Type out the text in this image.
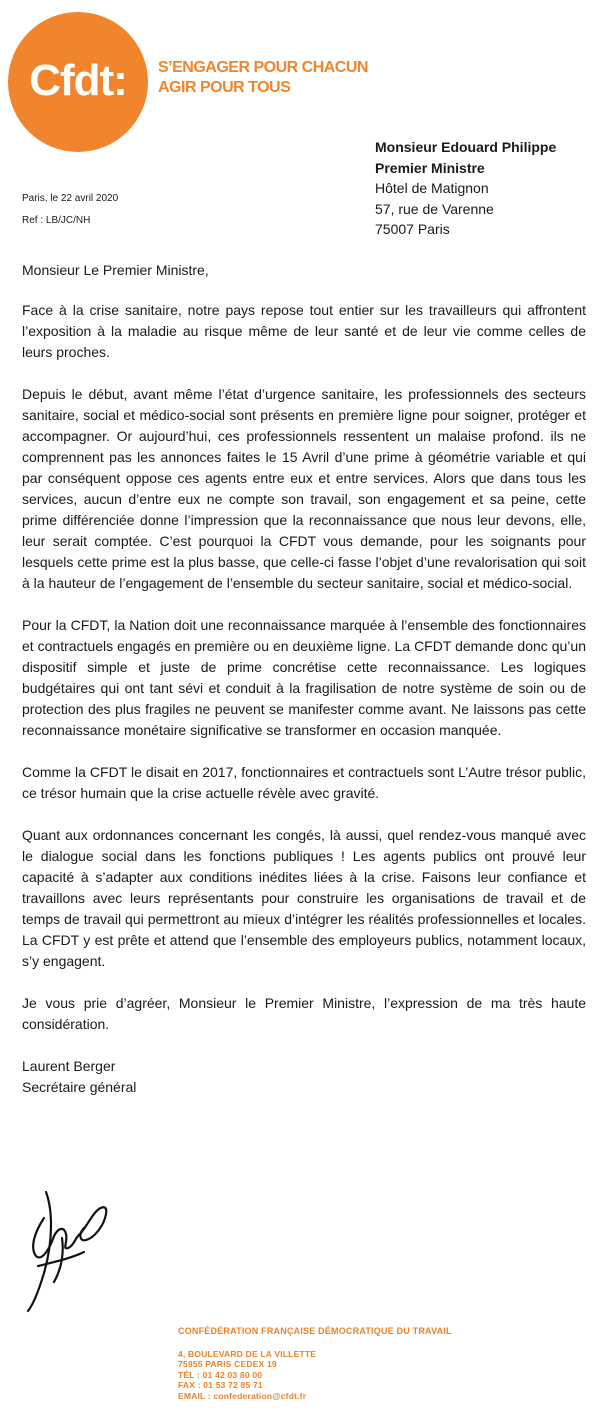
Cfdt:	S’ENGAGER POUR CHACUN
AGIR POUR TOUS
Monsieur Edouard Philippe
Premier Ministre
Hôtel de Matignon
57, rue de Varenne
75007 Paris
Paris, le 22 avril 2020
Ref : LB/JC/NH

Monsieur Le Premier Ministre,

Face à la crise sanitaire, notre pays repose tout entier sur les travailleurs qui affrontent l’exposition à la maladie au risque même de leur santé et de leur vie comme celles de leurs proches.

Depuis le début, avant même l’état d’urgence sanitaire, les professionnels des secteurs sanitaire, social et médico-social sont présents en première ligne pour soigner, protéger et accompagner. Or aujourd’hui, ces professionnels ressentent un malaise profond. ils ne comprennent pas les annonces faites le 15 Avril d’une prime à géométrie variable et qui par conséquent oppose ces agents entre eux et entre services. Alors que dans tous les services, aucun d’entre eux ne compte son travail, son engagement et sa peine, cette prime différenciée donne l’impression que la reconnaissance que nous leur devons, elle, leur serait comptée. C’est pourquoi la CFDT vous demande, pour les soignants pour lesquels cette prime est la plus basse, que celle-ci fasse l’objet d’une revalorisation qui soit à la hauteur de l’engagement de l’ensemble du secteur sanitaire, social et médico-social.

Pour la CFDT, la Nation doit une reconnaissance marquée à l’ensemble des fonctionnaires et contractuels engagés en première ou en deuxième ligne. La CFDT demande donc qu’un dispositif simple et juste de prime concrétise cette reconnaissance. Les logiques budgétaires qui ont tant sévi et conduit à la fragilisation de notre système de soin ou de protection des plus fragiles ne peuvent se manifester comme avant. Ne laissons pas cette reconnaissance monétaire significative se transformer en occasion manquée.

Comme la CFDT le disait en 2017, fonctionnaires et contractuels sont L’Autre trésor public, ce trésor humain que la crise actuelle révèle avec gravité.

Quant aux ordonnances concernant les congés, là aussi, quel rendez-vous manqué avec le dialogue social dans les fonctions publiques ! Les agents publics ont prouvé leur capacité à s’adapter aux conditions inédites liées à la crise. Faisons leur confiance et travaillons avec leurs représentants pour construire les organisations de travail et de temps de travail qui permettront au mieux d’intégrer les réalités professionnelles et locales. La CFDT y est prête et attend que l’ensemble des employeurs publics, notamment locaux, s’y engagent.

Je vous prie d’agréer, Monsieur le Premier Ministre, l’expression de ma très haute considération.

Laurent Berger
Secrétaire général
CONFÉDÉRATION FRANÇAISE DÉMOCRATIQUE DU TRAVAIL
4, BOULEVARD DE LA VILLETTE
75955 PARIS CEDEX 19
TÉL : 01 42 03 80 00
FAX : 01 53 72 85 71
EMAIL : confederation@cfdt.fr
